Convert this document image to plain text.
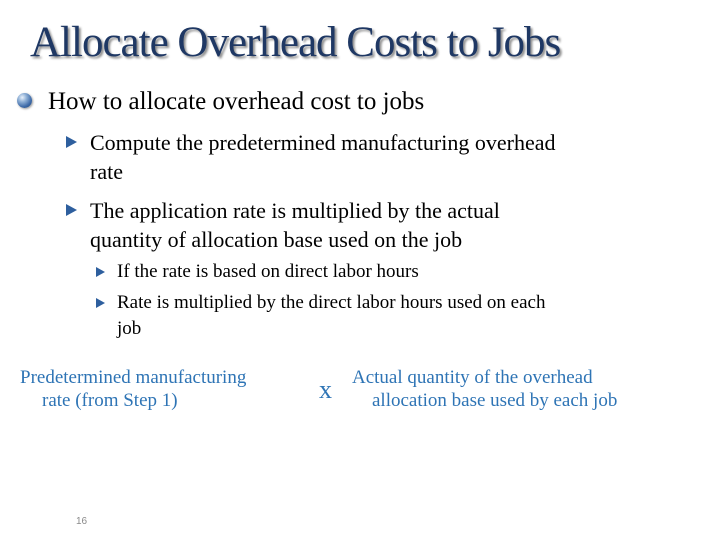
Allocate Overhead Costs to Jobs
How to allocate overhead cost to jobs
Compute the predetermined manufacturing overhead
rate
The application rate is multiplied by the actual
quantity of allocation base used on the job
If the rate is based on direct labor hours
Rate is multiplied by the direct labor hours used on each
job
Predetermined manufacturing
rate (from Step 1)	x Actual quantity of the overhead
allocation base used by each job
16
